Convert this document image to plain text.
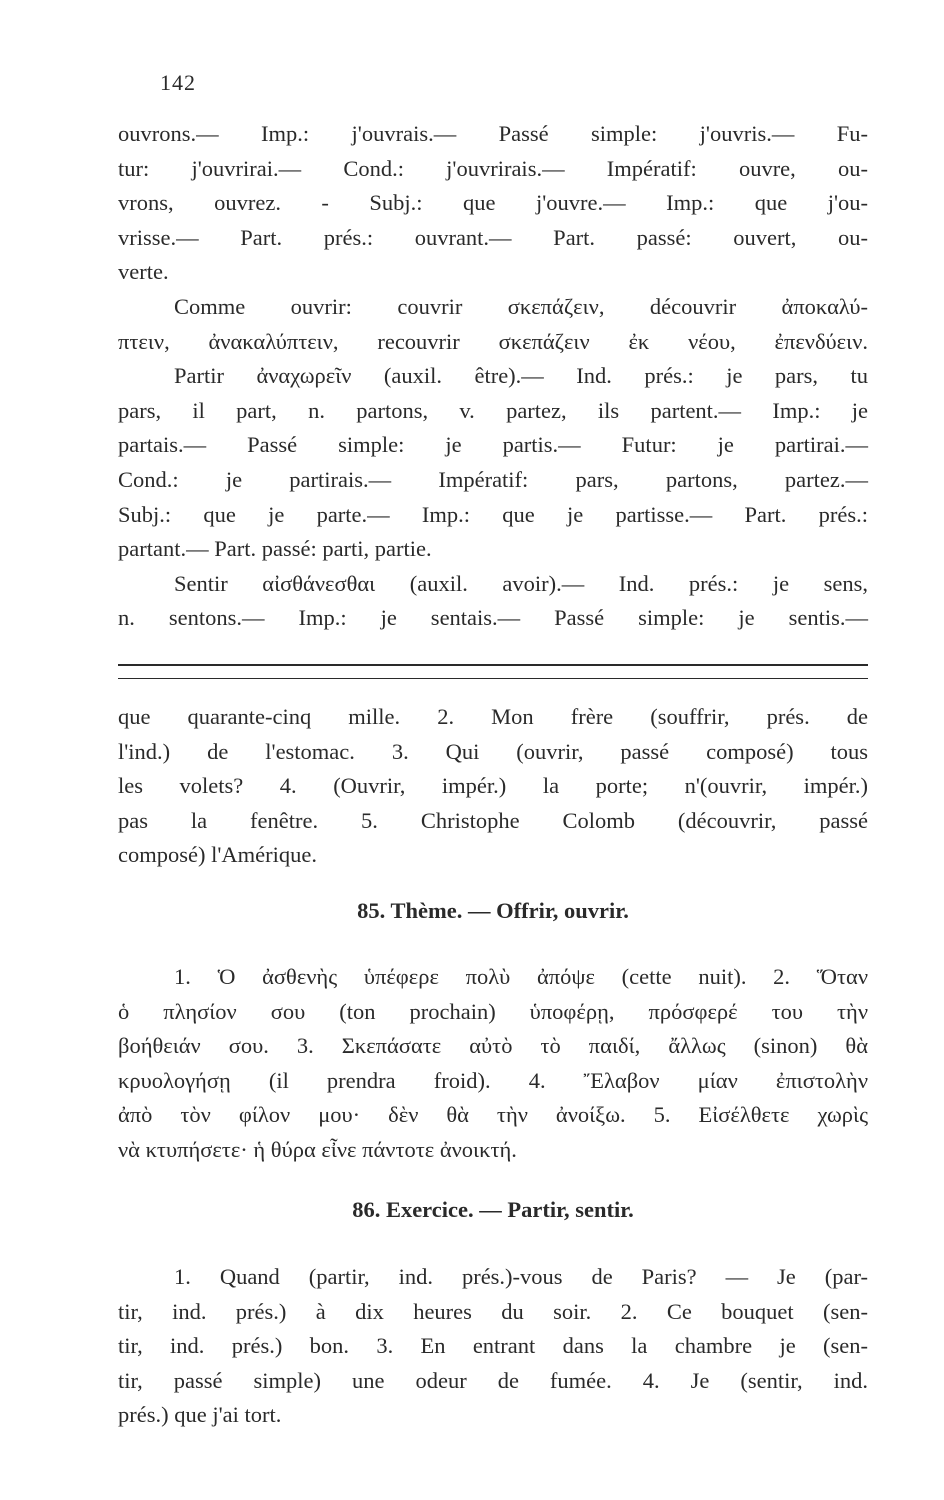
142
ouvrons.— Imp.: j'ouvrais.— Passé simple: j'ouvris.— Fu-
tur: j'ouvrirai.— Cond.: j'ouvrirais.— Impératif: ouvre, ou-
vrons, ouvrez. - Subj.: que j'ouvre.— Imp.: que j'ou-
vrisse.— Part. prés.: ouvrant.— Part. passé: ouvert, ou-
verte.
Comme ouvrir: couvrir σκεπάζειν, découvrir ἀποκαλύ-
πτειν, ἀνακαλύπτειν, recouvrir σκεπάζειν ἐκ νέου, ἐπενδύειν.
Partir ἀναχωρεῖν (auxil. être).— Ind. prés.: je pars, tu
pars, il part, n. partons, v. partez, ils partent.— Imp.: je
partais.— Passé simple: je partis.— Futur: je partirai.—
Cond.: je partirais.— Impératif: pars, partons, partez.—
Subj.: que je parte.— Imp.: que je partisse.— Part. prés.:
partant.— Part. passé: parti, partie.
Sentir αἰσθάνεσθαι (auxil. avoir).— Ind. prés.: je sens,
n. sentons.— Imp.: je sentais.— Passé simple: je sentis.—
que quarante-cinq mille. 2. Mon frère (souffrir, prés. de
l'ind.) de l'estomac. 3. Qui (ouvrir, passé composé) tous
les volets? 4. (Ouvrir, impér.) la porte; n'(ouvrir, impér.)
pas la fenêtre. 5. Christophe Colomb (découvrir, passé
composé) l'Amérique.
85. Thème. — Offrir, ouvrir.
1. Ὁ ἀσθενὴς ὑπέφερε πολὺ ἀπόψε (cette nuit). 2. Ὅταν
ὁ πλησίον σου (ton prochain) ὑποφέρῃ, πρόσφερέ του τὴν
βοήθειάν σου. 3. Σκεπάσατε αὐτὸ τὸ παιδί, ἄλλως (sinon) θὰ
κρυολογήσῃ (il prendra froid). 4. Ἔλαβον μίαν ἐπιστολὴν
ἀπὸ τὸν φίλον μου· δὲν θὰ τὴν ἀνοίξω. 5. Εἰσέλθετε χωρὶς
νὰ κτυπήσετε· ἡ θύρα εἶνε πάντοτε ἀνοικτή.
86. Exercice. — Partir, sentir.
1. Quand (partir, ind. prés.)-vous de Paris? — Je (par-
tir, ind. prés.) à dix heures du soir. 2. Ce bouquet (sen-
tir, ind. prés.) bon. 3. En entrant dans la chambre je (sen-
tir, passé simple) une odeur de fumée. 4. Je (sentir, ind.
prés.) que j'ai tort.
